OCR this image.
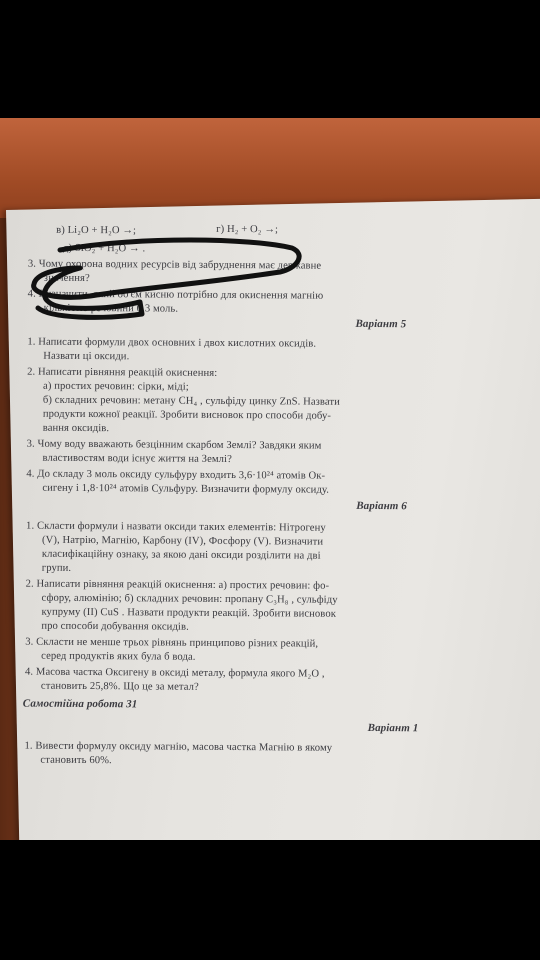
в) Li₂O + H₂O →;	г) H₂ + O₂ →;
д) SiO₂ + H₂O → .
3. Чому охорона водних ресурсів від забруднення має державне
значення?
4. Визначити, який об'єм кисню потрібно для окиснення магнію
кількістю речовини 0,3 моль.
1. Написати формули двох основних і двох кислотних оксидів.
Назвати ці оксиди.
2. Написати рівняння реакцій окиснення:
а) простих речовин: сірки, міді;
б) складних речовин: метану CH₄ , сульфіду цинку ZnS. Назвати
продукти кожної реакції. Зробити висновок про способи добу-
вання оксидів.
3. Чому воду вважають безцінним скарбом Землі? Завдяки яким
властивостям води існує життя на Землі?
4. До складу 3 моль оксиду сульфуру входить 3,6·10²⁴ атомів Ок-
сигену і 1,8·10²⁴ атомів Сульфуру. Визначити формулу оксиду.
1. Скласти формули і назвати оксиди таких елементів: Нітрогену
(V), Натрію, Магнію, Карбону (IV), Фосфору (V). Визначити
класифікаційну ознаку, за якою дані оксиди розділити на дві
групи.
2. Написати рівняння реакцій окиснення: а) простих речовин: фо-
сфору, алюмінію; б) складних речовин: пропану C₃H₈ , сульфіду
купруму (II) CuS . Назвати продукти реакцій. Зробити висновок
про способи добування оксидів.
3. Скласти не менше трьох рівнянь принципово різних реакцій,
серед продуктів яких була б вода.
4. Масова частка Оксигену в оксиді металу, формула якого M₂O ,
становить 25,8%. Що це за метал?
1. Вивести формулу оксиду магнію, масова частка Магнію в якому
становить 60%.
Варіант 5
Варіант 6
Варіант 1
Самостійна робота 31
